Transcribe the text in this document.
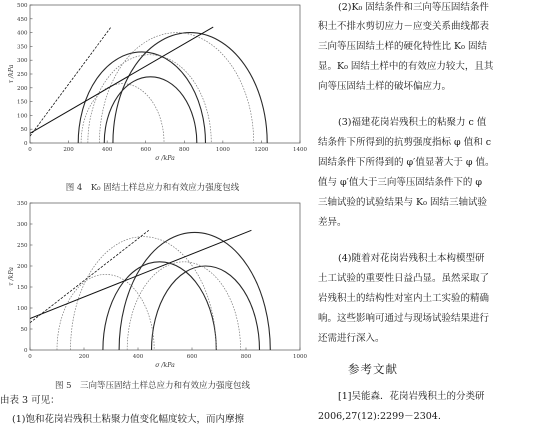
0
50
100
150
200
250
300
350
400
450
500
0	200	400	600	800	1000	1200	1400
σ /kPa
τ /kPa
图 4　K₀ 固结土样总应力和有效应力强度包线
0
50
100
150
200
250
300
350
0	200	400	600	800	1000
σ /kPa
τ /kPa
图 5　三向等压固结土样总应力和有效应力强度包线
由表 3 可见：
(1)饱和花岗岩残积土粘聚力值变化幅度较大，而内摩擦
(2)K₀ 固结条件和三向等压固结条件
积土不排水剪切应力－应变关系曲线都表
三向等压固结土样的硬化特性比 K₀ 固结
显。K₀ 固结土样中的有效应力较大，且其
向等压固结土样的破坏偏应力。
(3)福建花岗岩残积土的粘聚力 c 值
结条件下所得到的抗剪强度指标 φ 值和 c
固结条件下所得到的 φ′值显著大于 φ 值。
值与 φ′值大于三向等压固结条件下的 φ
三轴试验的试验结果与 K₀ 固结三轴试验
差异。
(4)随着对花岗岩残积土本构模型研
土工试验的重要性日益凸显。虽然采取了
岩残积土的结构性对室内土工实验的精确
响。这些影响可通过与现场试验结果进行
还需进行深入。
参考文献
[1]吴能森．花岗岩残积土的分类研
2006,27(12):2299－2304.
